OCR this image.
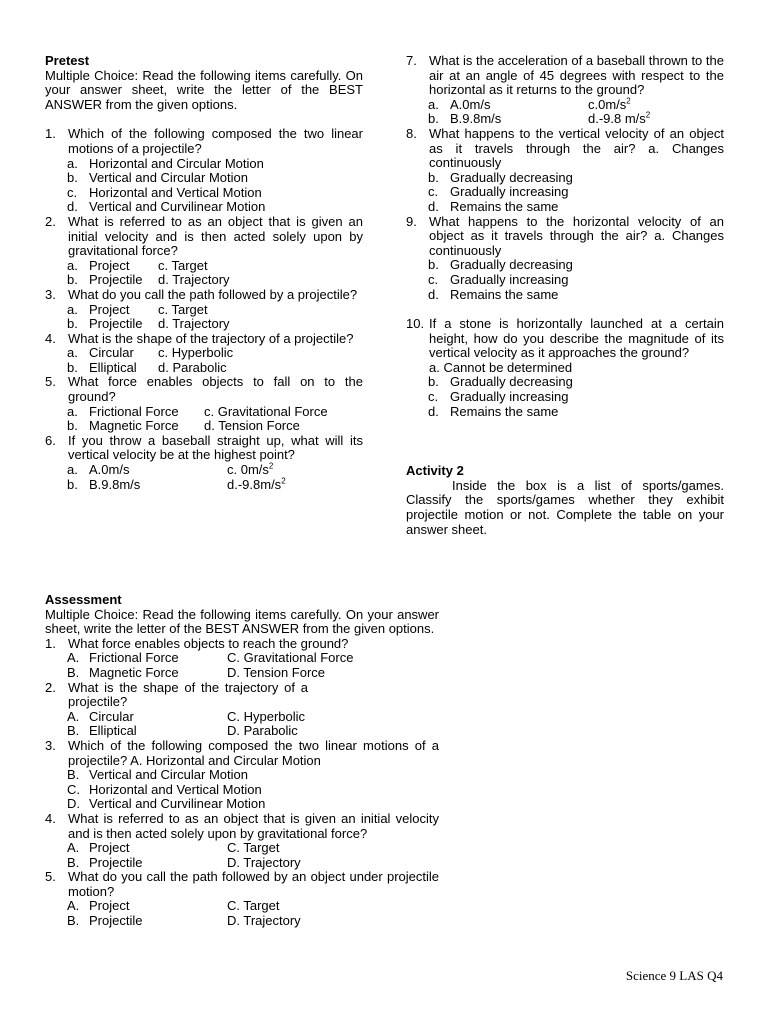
Pretest
Multiple Choice: Read the following items carefully. On your answer sheet, write the letter of the BEST ANSWER from the given options.
1. Which of the following composed the two linear motions of a projectile?
a. Horizontal and Circular Motion
b. Vertical and Circular Motion
c. Horizontal and Vertical Motion
d. Vertical and Curvilinear Motion
2. What is referred to as an object that is given an initial velocity and is then acted solely upon by gravitational force?
a. Project c. Target
b. Projectile d. Trajectory
3. What do you call the path followed by a projectile?
a. Project c. Target
b. Projectile d. Trajectory
4. What is the shape of the trajectory of a projectile?
a. Circular c. Hyperbolic
b. Elliptical d. Parabolic
5. What force enables objects to fall on to the ground?
a. Frictional Force c. Gravitational Force
b. Magnetic Force d. Tension Force
6. If you throw a baseball straight up, what will its vertical velocity be at the highest point?
a. A.0m/s	c. $0m/s^2$
b. B.9.8m/s	$d.-9.8m/s^2$
7. What is the acceleration of a baseball thrown to the air at an angle of 45 degrees with respect to the horizontal as it returns to the ground?
a. A.0m/s	$c.0m/s^2$
b. B.9.8m/s	d.-9.8 $m/s^2$
8. What happens to the vertical velocity of an object as it travels through the air? a. Changes continuously
b. Gradually decreasing
c. Gradually increasing
d. Remains the same
9. What happens to the horizontal velocity of an object as it travels through the air? a. Changes continuously
b. Gradually decreasing
c. Gradually increasing
d. Remains the same
10. If a stone is horizontally launched at a certain height, how do you describe the magnitude of its vertical velocity as it approaches the ground?
a. Cannot be determined
b. Gradually decreasing
c. Gradually increasing
d. Remains the same
Activity 2
Inside the box is a list of sports/games. Classify the sports/games whether they exhibit projectile motion or not. Complete the table on your answer sheet.
Assessment
Multiple Choice: Read the following items carefully. On your answer sheet, write the letter of the BEST ANSWER from the given options.
1. What force enables objects to reach the ground?
A. Frictional Force	C. Gravitational Force
B. Magnetic Force	D. Tension Force
2. What is the shape of the trajectory of a projectile?
A. Circular	C. Hyperbolic
B. Elliptical	D. Parabolic
3. Which of the following composed the two linear motions of a projectile? A. Horizontal and Circular Motion
B. Vertical and Circular Motion
C. Horizontal and Vertical Motion
D. Vertical and Curvilinear Motion
4. What is referred to as an object that is given an initial velocity and is then acted solely upon by gravitational force?
A. Project	C. Target
B. Projectile	D. Trajectory
5. What do you call the path followed by an object under projectile motion?
A. Project	C. Target
B. Projectile	D. Trajectory
Science 9 LAS Q4
